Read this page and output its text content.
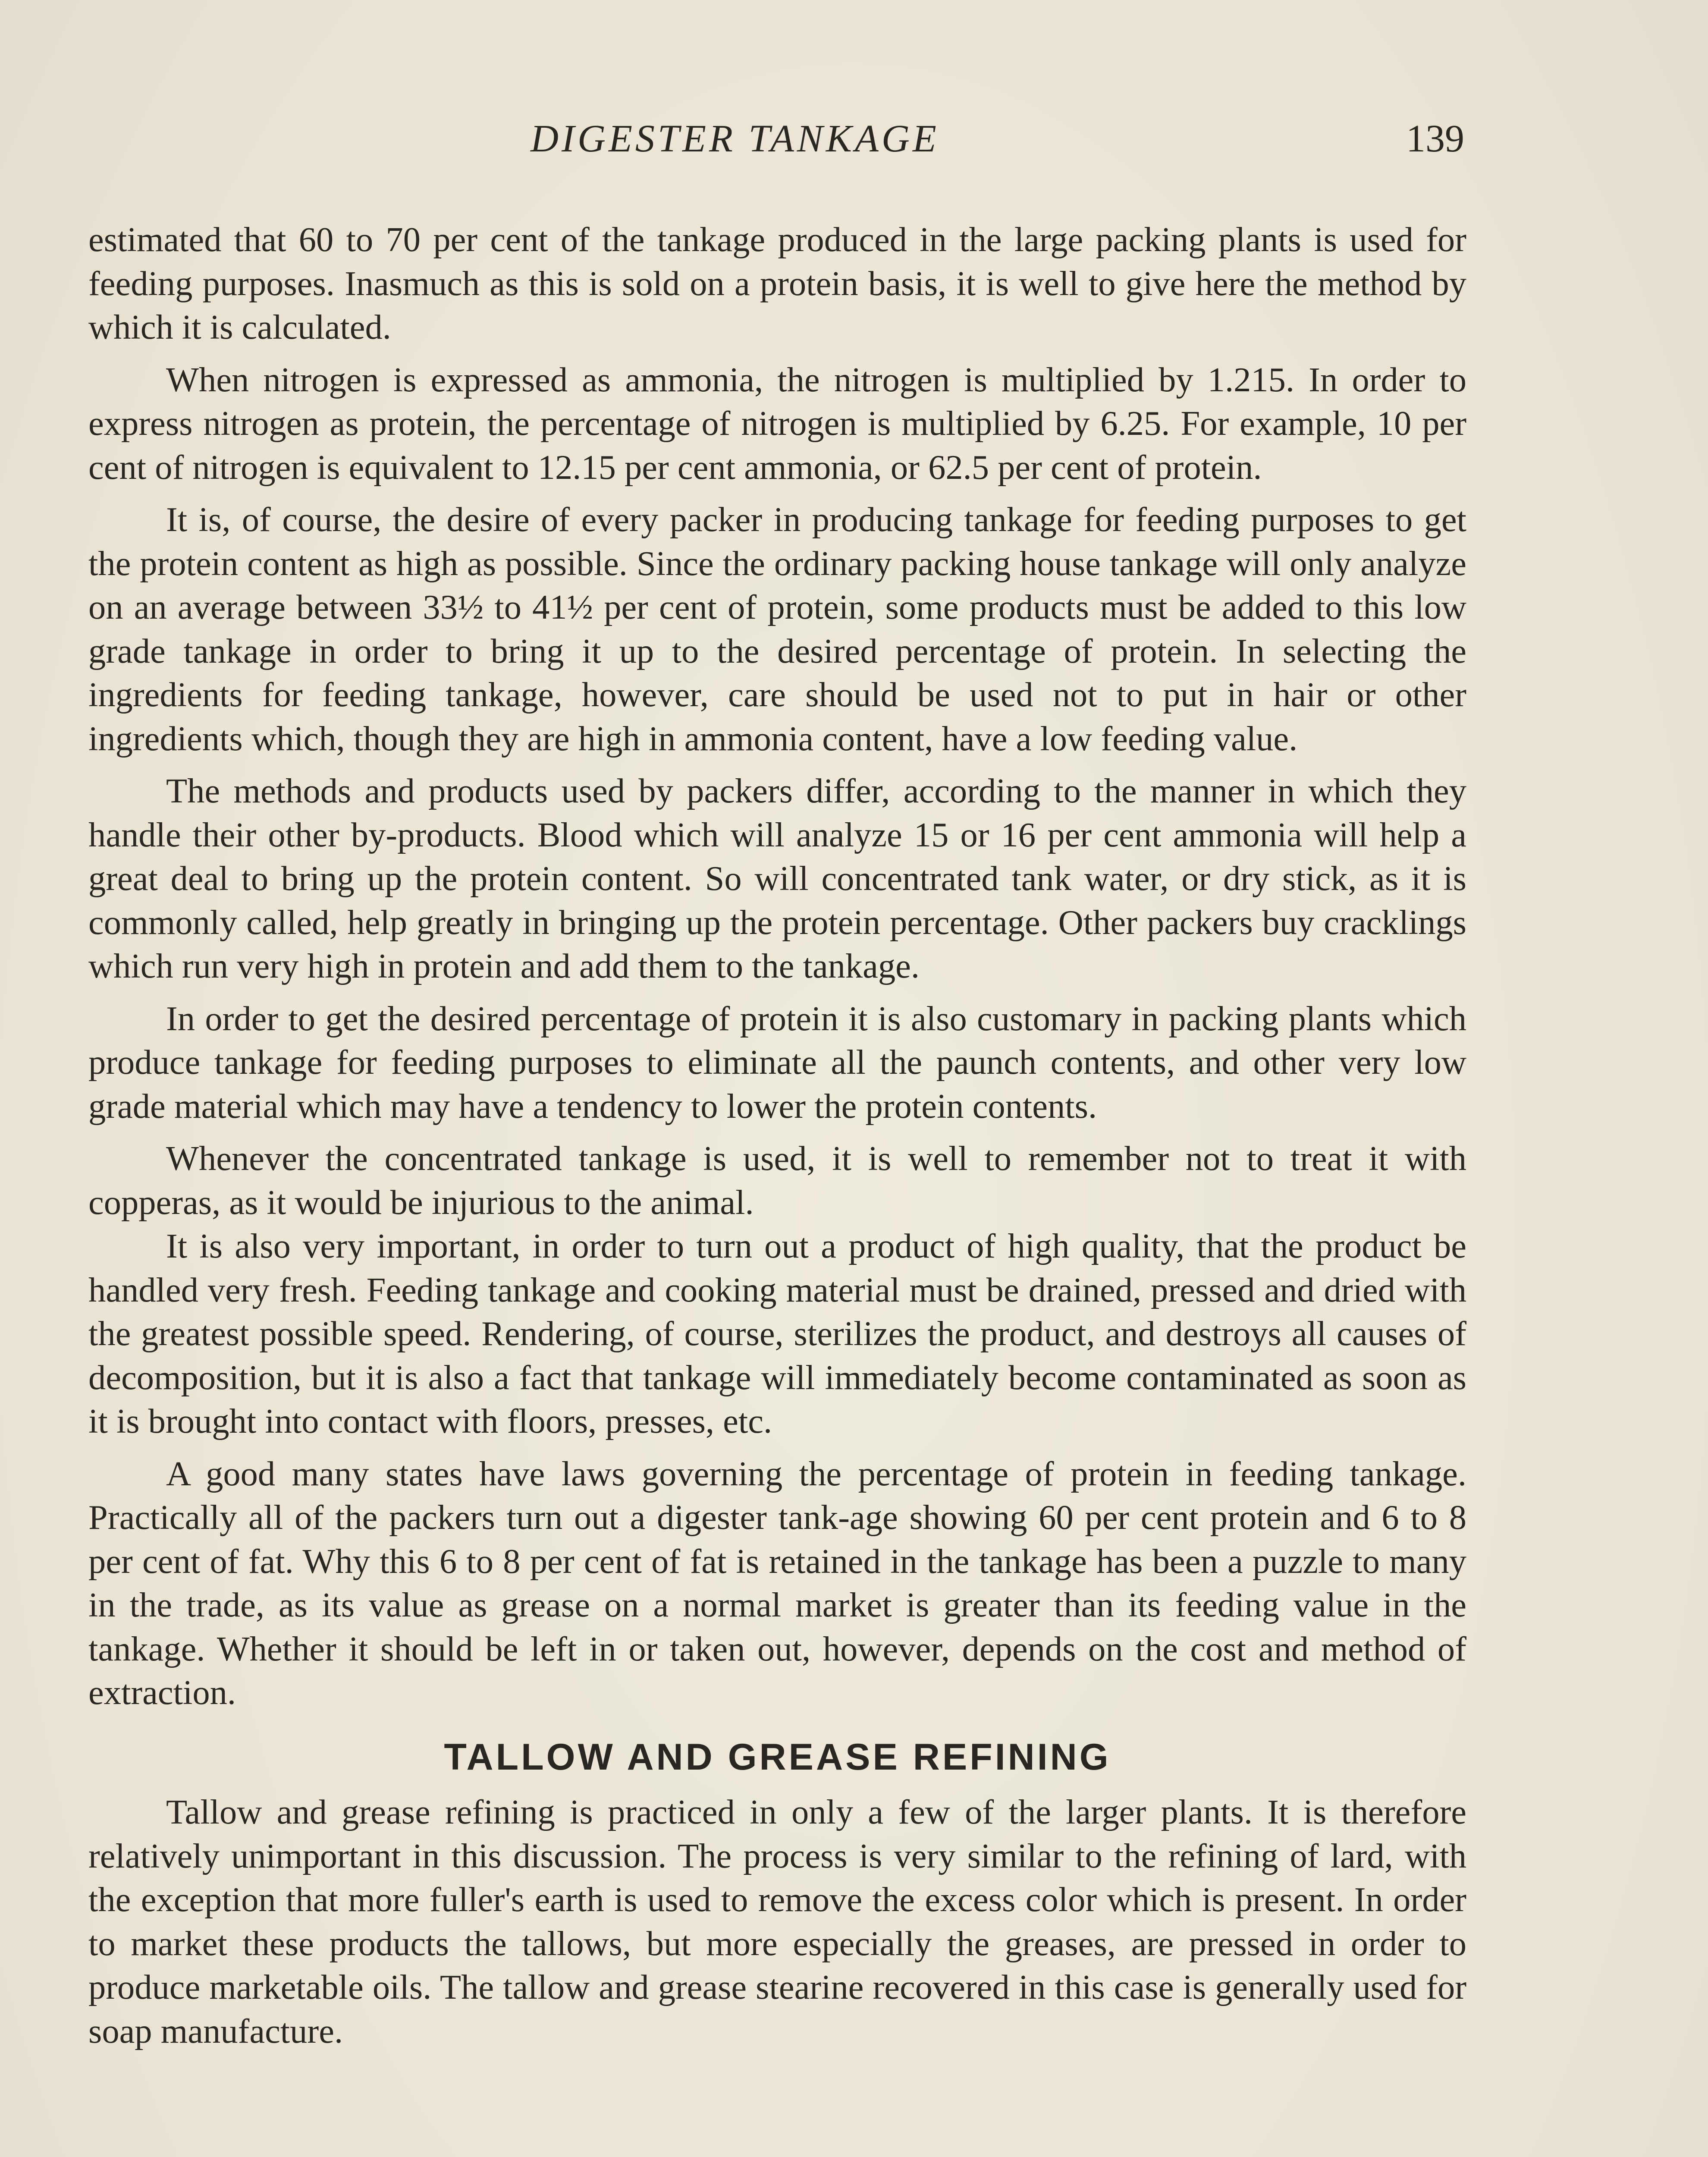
DIGESTER TANKAGE	139

estimated that 60 to 70 per cent of the tankage produced in the large packing plants is used for feeding purposes. Inasmuch as this is sold on a protein basis, it is well to give here the method by which it is calculated.

When nitrogen is expressed as ammonia, the nitrogen is multiplied by 1.215. In order to express nitrogen as protein, the percentage of nitrogen is multiplied by 6.25. For example, 10 per cent of nitrogen is equivalent to 12.15 per cent ammonia, or 62.5 per cent of protein.

It is, of course, the desire of every packer in producing tankage for feeding purposes to get the protein content as high as possible. Since the ordinary packing house tankage will only analyze on an average between 33½ to 41½ per cent of protein, some products must be added to this low grade tankage in order to bring it up to the desired percentage of protein. In selecting the ingredients for feeding tankage, however, care should be used not to put in hair or other ingredients which, though they are high in ammonia content, have a low feeding value.

The methods and products used by packers differ, according to the manner in which they handle their other by-products. Blood which will analyze 15 or 16 per cent ammonia will help a great deal to bring up the protein content. So will concentrated tank water, or dry stick, as it is commonly called, help greatly in bringing up the protein percentage. Other packers buy cracklings which run very high in protein and add them to the tankage.

In order to get the desired percentage of protein it is also customary in packing plants which produce tankage for feeding purposes to eliminate all the paunch contents, and other very low grade material which may have a tendency to lower the protein contents.

Whenever the concentrated tankage is used, it is well to remember not to treat it with copperas, as it would be injurious to the animal.

It is also very important, in order to turn out a product of high quality, that the product be handled very fresh. Feeding tankage and cooking material must be drained, pressed and dried with the greatest possible speed. Rendering, of course, sterilizes the product, and destroys all causes of decomposition, but it is also a fact that tankage will immediately become contaminated as soon as it is brought into contact with floors, presses, etc.

A good many states have laws governing the percentage of protein in feeding tankage. Practically all of the packers turn out a digester tank-age showing 60 per cent protein and 6 to 8 per cent of fat. Why this 6 to 8 per cent of fat is retained in the tankage has been a puzzle to many in the trade, as its value as grease on a normal market is greater than its feeding value in the tankage. Whether it should be left in or taken out, however, depends on the cost and method of extraction.

TALLOW AND GREASE REFINING

Tallow and grease refining is practiced in only a few of the larger plants. It is therefore relatively unimportant in this discussion. The process is very similar to the refining of lard, with the exception that more fuller's earth is used to remove the excess color which is present. In order to market these products the tallows, but more especially the greases, are pressed in order to produce marketable oils. The tallow and grease stearine recovered in this case is generally used for soap manufacture.
